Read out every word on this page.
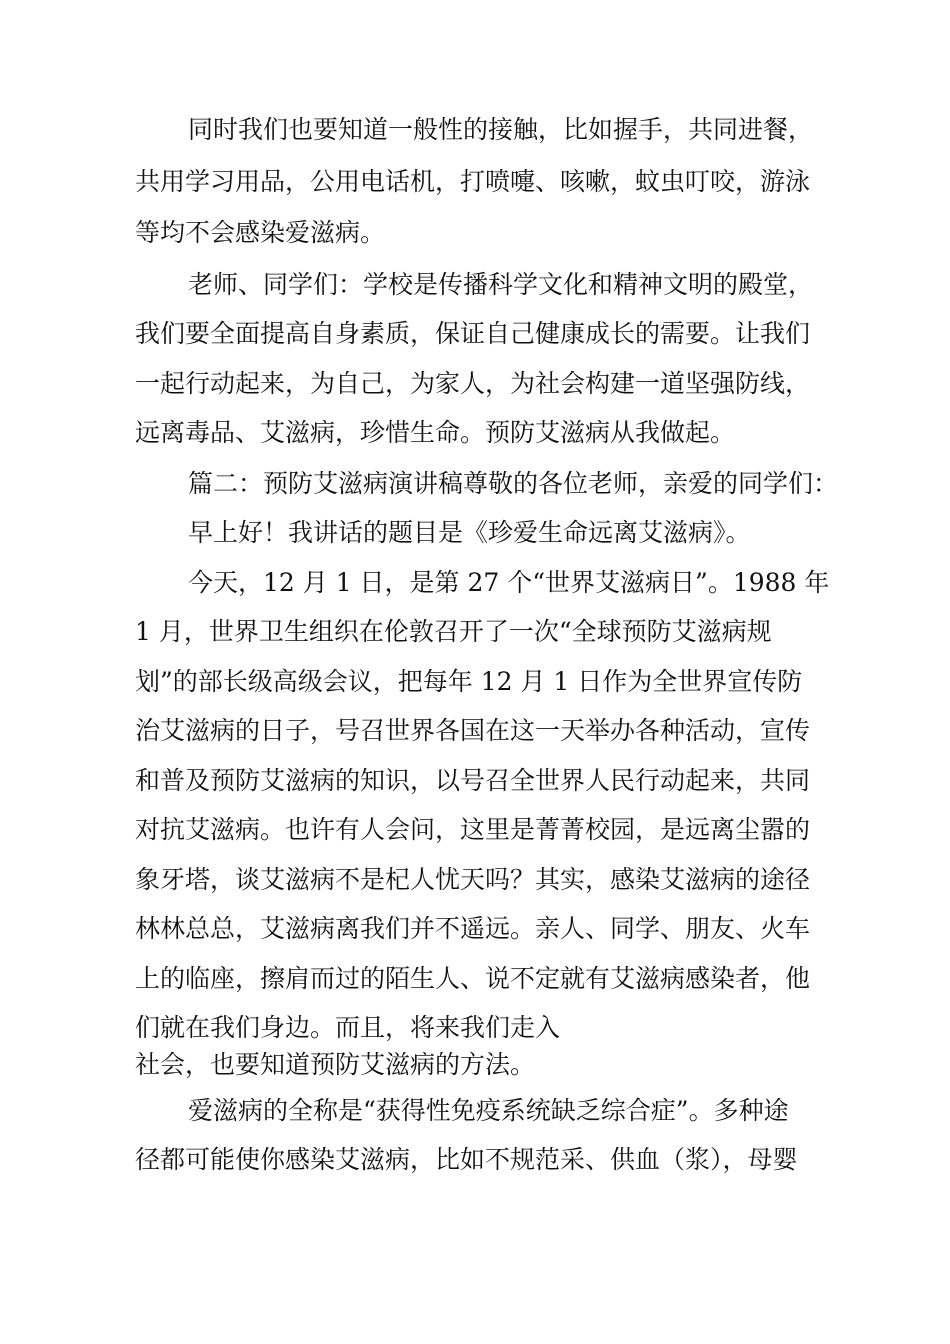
同时我们也要知道一般性的接触，比如握手，共同进餐，
共用学习用品，公用电话机，打喷嚏、咳嗽，蚊虫叮咬，游泳
等均不会感染爱滋病。
老师、同学们：学校是传播科学文化和精神文明的殿堂，
我们要全面提高自身素质，保证自己健康成长的需要。让我们
一起行动起来，为自己，为家人，为社会构建一道坚强防线，
远离毒品、艾滋病，珍惜生命。预防艾滋病从我做起。
篇二：预防艾滋病演讲稿尊敬的各位老师，亲爱的同学们：
早上好！我讲话的题目是《珍爱生命远离艾滋病》。
今天，12 月 1 日，是第 27 个“世界艾滋病日”。1988 年
1 月，世界卫生组织在伦敦召开了一次“全球预防艾滋病规
划”的部长级高级会议，把每年 12 月 1 日作为全世界宣传防
治艾滋病的日子，号召世界各国在这一天举办各种活动，宣传
和普及预防艾滋病的知识，以号召全世界人民行动起来，共同
对抗艾滋病。也许有人会问，这里是菁菁校园，是远离尘嚣的
象牙塔，谈艾滋病不是杞人忧天吗？其实，感染艾滋病的途径
林林总总，艾滋病离我们并不遥远。亲人、同学、朋友、火车
上的临座，擦肩而过的陌生人、说不定就有艾滋病感染者，他
们就在我们身边。而且，将来我们走入
社会，也要知道预防艾滋病的方法。
爱滋病的全称是“获得性免疫系统缺乏综合症”。多种途
径都可能使你感染艾滋病，比如不规范采、供血（浆），母婴
